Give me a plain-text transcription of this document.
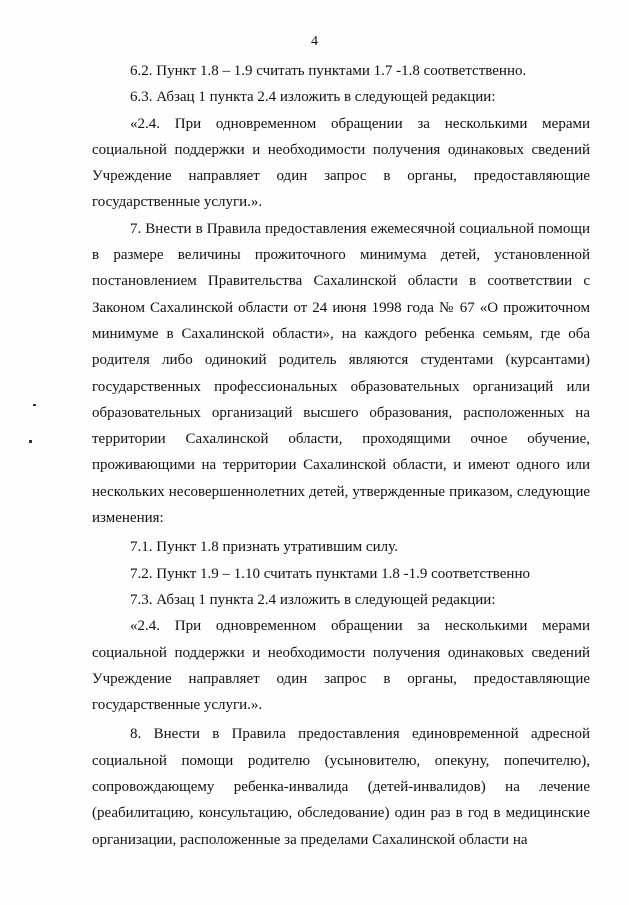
4

6.2. Пункт 1.8 – 1.9 считать пунктами 1.7 -1.8 соответственно.

6.3. Абзац 1 пункта 2.4 изложить в следующей редакции:

«2.4. При одновременном обращении за несколькими мерами социальной поддержки и необходимости получения одинаковых сведений Учреждение направляет один запрос в органы, предоставляющие государственные услуги.».

7. Внести в Правила предоставления ежемесячной социальной помощи в размере величины прожиточного минимума детей, установленной постановлением Правительства Сахалинской области в соответствии с Законом Сахалинской области от 24 июня 1998 года № 67 «О прожиточном минимуме в Сахалинской области», на каждого ребенка семьям, где оба родителя либо одинокий родитель являются студентами (курсантами) государственных профессиональных образовательных организаций или образовательных организаций высшего образования, расположенных на территории Сахалинской области, проходящими очное обучение, проживающими на территории Сахалинской области, и имеют одного или нескольких несовершеннолетних детей, утвержденные приказом, следующие изменения:

7.1. Пункт 1.8 признать утратившим силу.

7.2. Пункт 1.9 – 1.10 считать пунктами 1.8 -1.9 соответственно

7.3. Абзац 1 пункта 2.4 изложить в следующей редакции:

«2.4. При одновременном обращении за несколькими мерами социальной поддержки и необходимости получения одинаковых сведений Учреждение направляет один запрос в органы, предоставляющие государственные услуги.».

8. Внести в Правила предоставления единовременной адресной социальной помощи родителю (усыновителю, опекуну, попечителю), сопровождающему ребенка-инвалида (детей-инвалидов) на лечение (реабилитацию, консультацию, обследование) один раз в год в медицинские организации, расположенные за пределами Сахалинской области на
